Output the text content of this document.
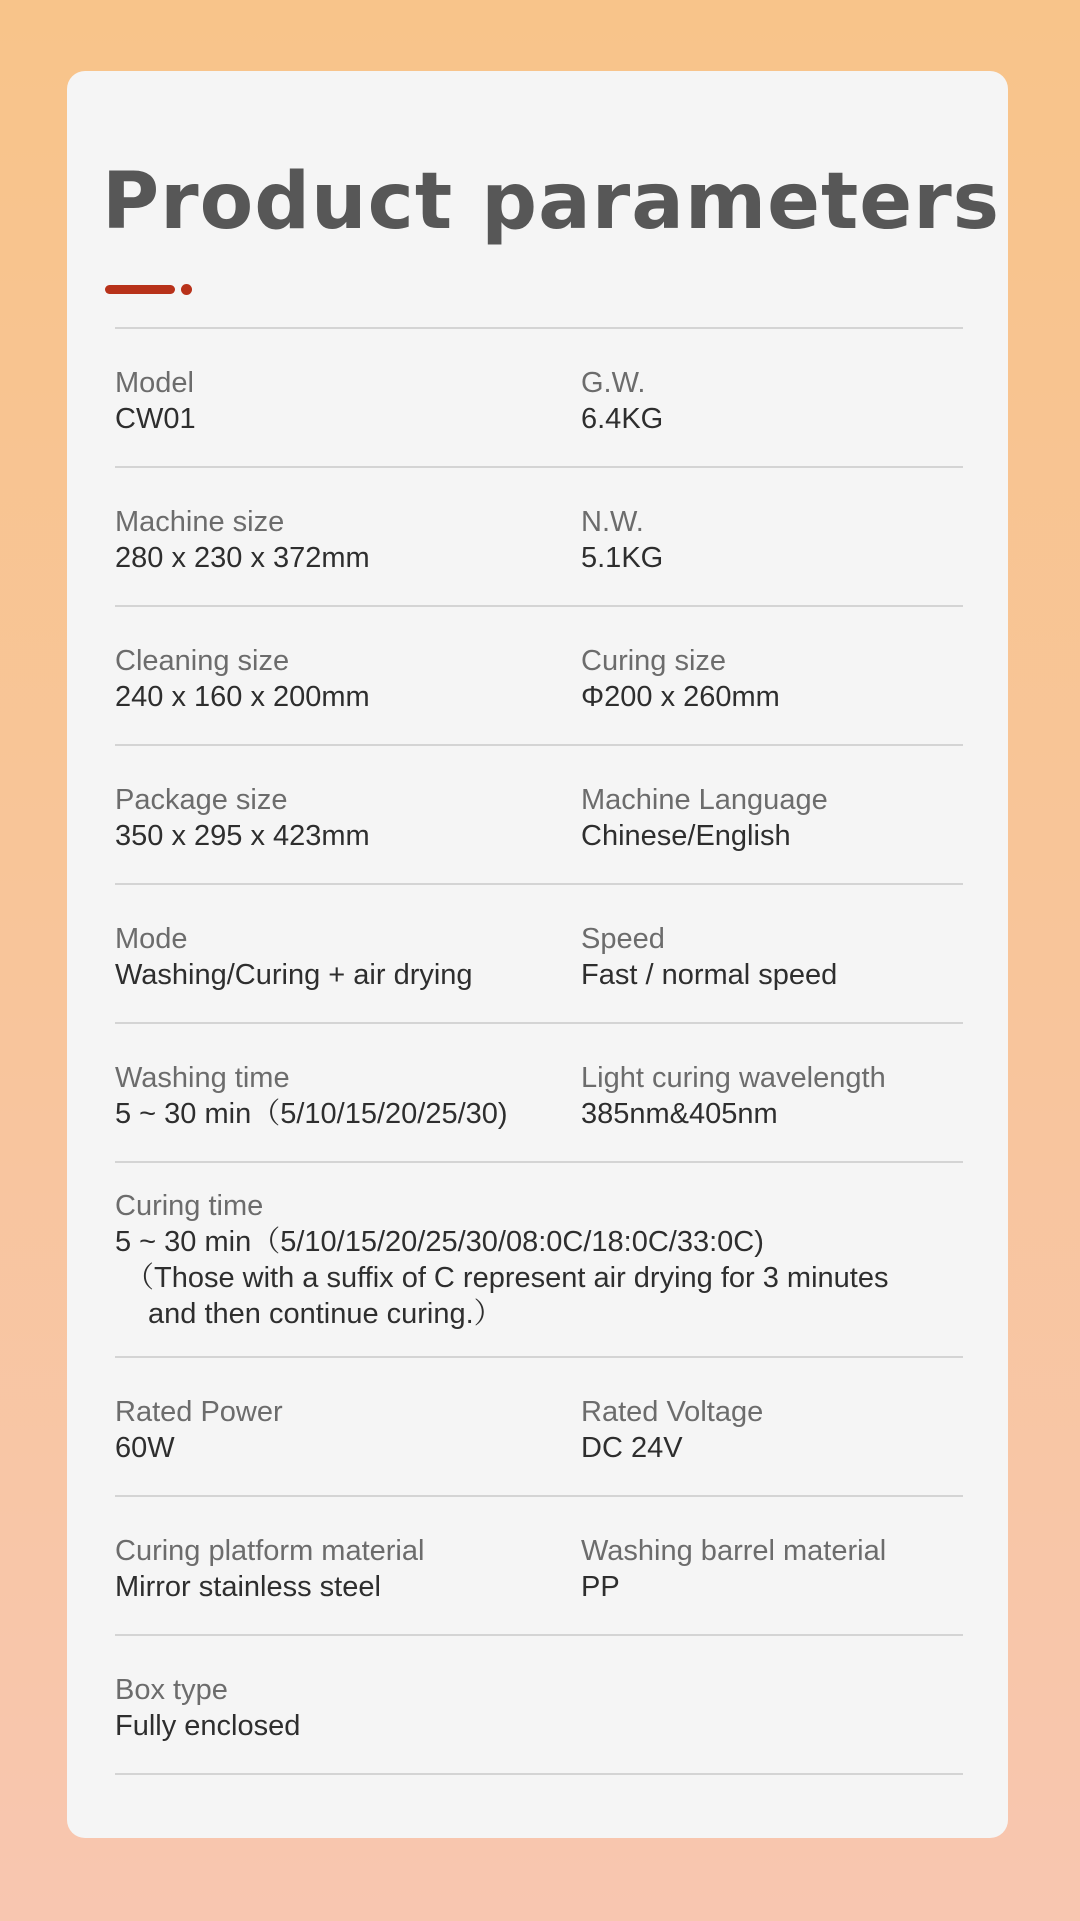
Product parameters
Model
CW01
G.W.
6.4KG
Machine size
280 x 230 x 372mm
N.W.
5.1KG
Cleaning size
240 x 160 x 200mm
Curing size
Φ200 x 260mm
Package size
350 x 295 x 423mm
Machine Language
Chinese/English
Mode
Washing/Curing + air drying
Speed
Fast / normal speed
Washing time
5 ~ 30 min（5/10/15/20/25/30)
Light curing wavelength
385nm&405nm
Curing time
5 ~ 30 min（5/10/15/20/25/30/08:0C/18:0C/33:0C)
（Those with a suffix of C represent air drying for 3 minutes
and then continue curing.）
Rated Power
60W
Rated Voltage
DC 24V
Curing platform material
Mirror stainless steel
Washing barrel material
PP
Box type
Fully enclosed
